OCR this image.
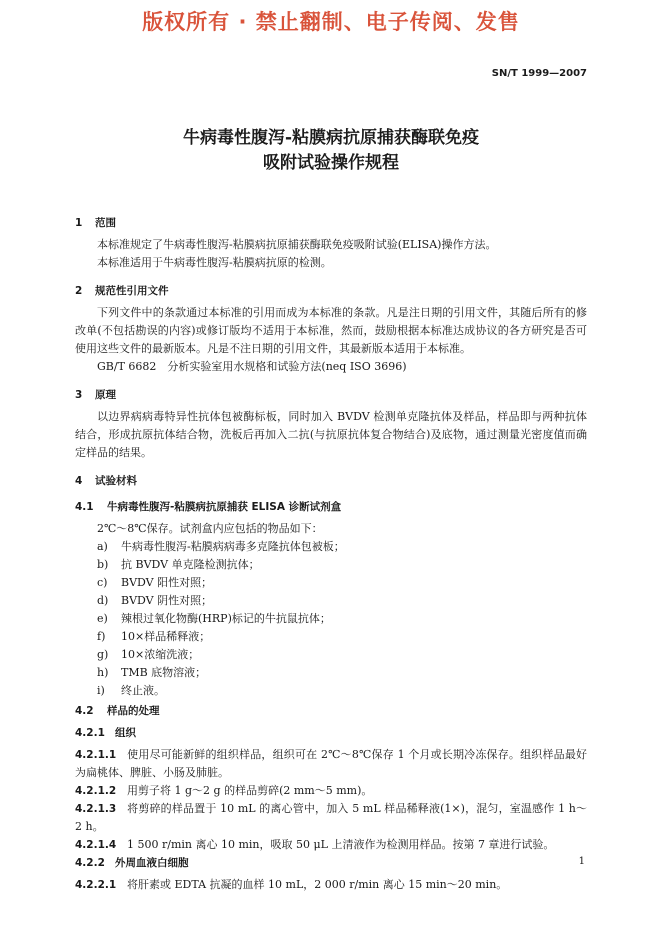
版权所有 · 禁止翻制、电子传阅、发售
SN/T 1999—2007
牛病毒性腹泻-粘膜病抗原捕获酶联免疫
吸附试验操作规程
1 范围

本标准规定了牛病毒性腹泻-粘膜病抗原捕获酶联免疫吸附试验(ELISA)操作方法。

本标准适用于牛病毒性腹泻-粘膜病抗原的检测。

2 规范性引用文件

下列文件中的条款通过本标准的引用而成为本标准的条款。凡是注日期的引用文件，其随后所有的修改单(不包括勘误的内容)或修订版均不适用于本标准，然而，鼓励根据本标准达成协议的各方研究是否可使用这些文件的最新版本。凡是不注日期的引用文件，其最新版本适用于本标准。

GB/T 6682　分析实验室用水规格和试验方法(neq ISO 3696)

3 原理

以边界病病毒特异性抗体包被酶标板，同时加入 BVDV 检测单克隆抗体及样品，样品即与两种抗体结合，形成抗原抗体结合物，洗板后再加入二抗(与抗原抗体复合物结合)及底物，通过测量光密度值而确定样品的结果。

4 试验材料
4.1 牛病毒性腹泻-粘膜病抗原捕获 ELISA 诊断试剂盒

2℃～8℃保存。试剂盒内应包括的物品如下：

a) 牛病毒性腹泻-粘膜病病毒多克隆抗体包被板；

b) 抗 BVDV 单克隆检测抗体；

c) BVDV 阳性对照；

d) BVDV 阴性对照；

e) 辣根过氧化物酶(HRP)标记的牛抗鼠抗体；

f) 10×样品稀释液；

g) 10×浓缩洗液；

h) TMB 底物溶液；

i) 终止液。

4.2 样品的处理
4.2.1 组织

4.2.1.1 使用尽可能新鲜的组织样品，组织可在 2℃～8℃保存 1 个月或长期冷冻保存。组织样品最好为扁桃体、脾脏、小肠及肺脏。

4.2.1.2 用剪子将 1 g～2 g 的样品剪碎(2 mm～5 mm)。

4.2.1.3 将剪碎的样品置于 10 mL 的离心管中，加入 5 mL 样品稀释液(1×)，混匀，室温感作 1 h～2 h。

4.2.1.4 1 500 r/min 离心 10 min，吸取 50 μL 上清液作为检测用样品。按第 7 章进行试验。

4.2.2 外周血液白细胞

4.2.2.1 将肝素或 EDTA 抗凝的血样 10 mL，2 000 r/min 离心 15 min～20 min。

1
